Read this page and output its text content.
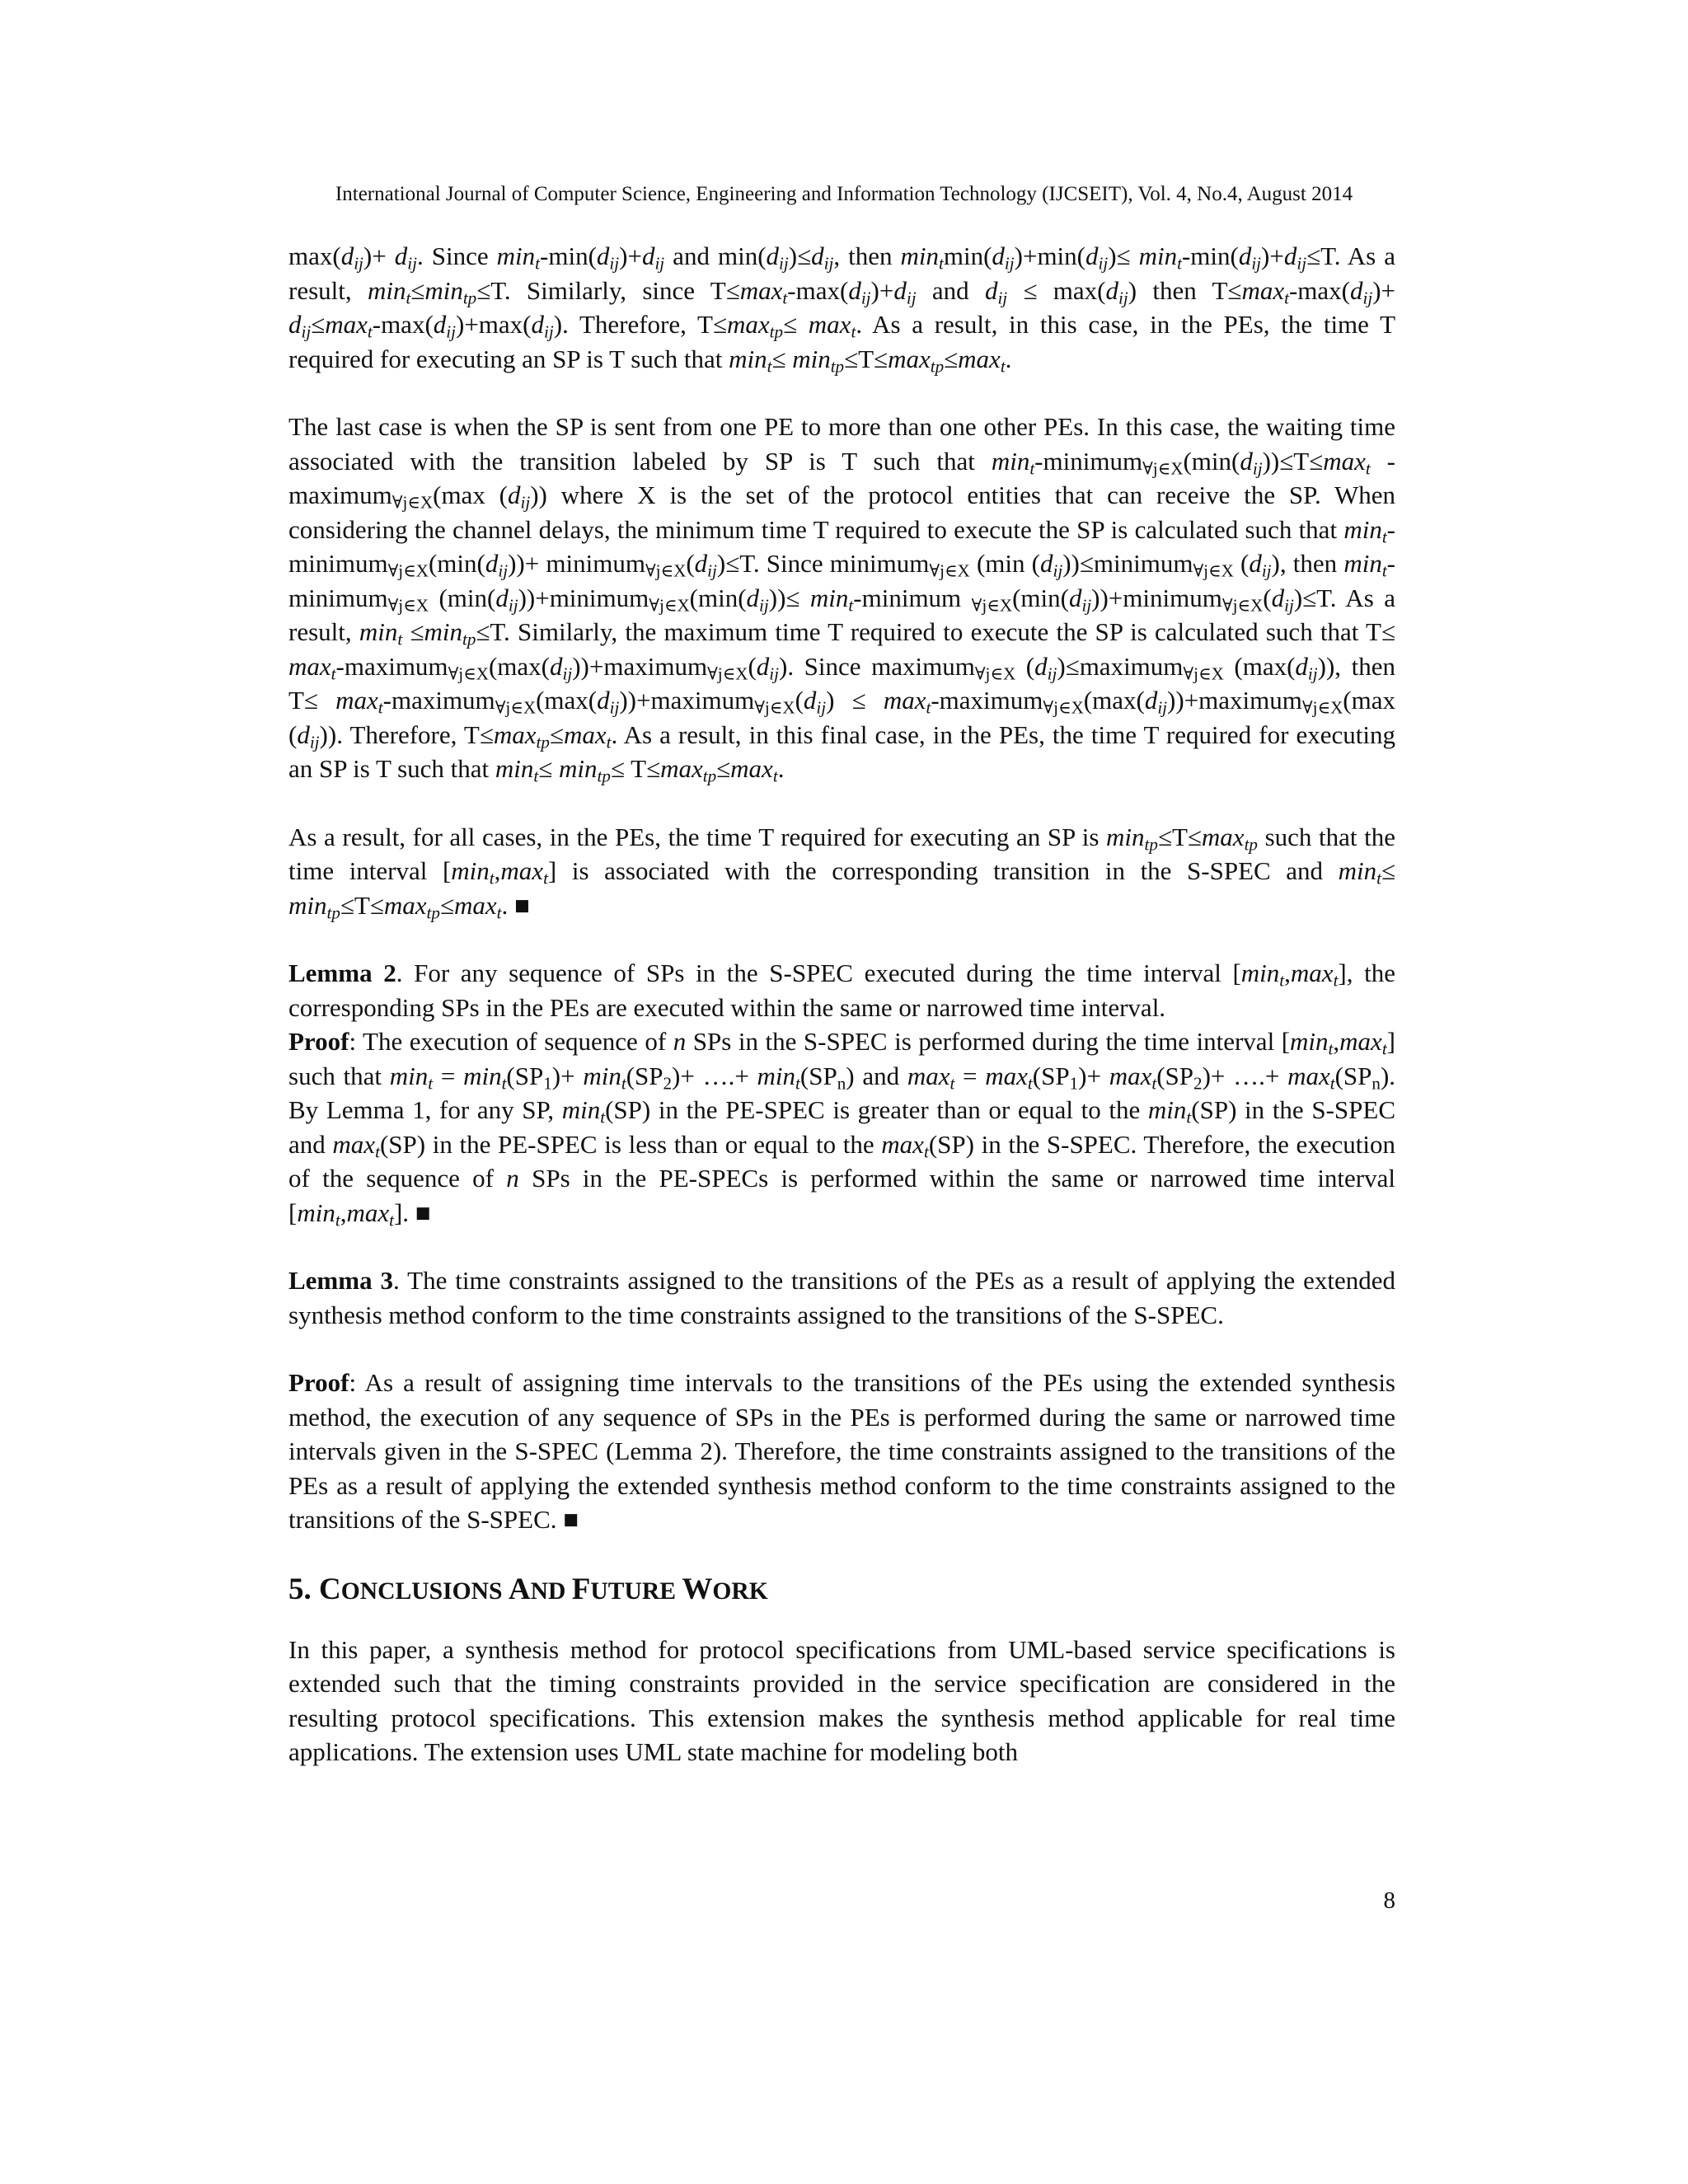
International Journal of Computer Science, Engineering and Information Technology (IJCSEIT), Vol. 4, No.4, August 2014

$\max(d_{ij})+ d_{ij}$. Since $\min_t-\min(d_{ij})+d_{ij}$ and $\min(d_{ij})\le d_{ij}$, then $\min_t\min(d_{ij})+\min(d_{ij})\le \min_t-\min(d_{ij})+d_{ij}\le T$. As a result, $\min_t\le\min_{tp}\le T$. Similarly, since $T\le\max_t-\max(d_{ij})+d_{ij}$ and $d_{ij} \le \max(d_{ij})$ then $T\le\max_t-\max(d_{ij})+ d_{ij}\le\max_t-\max(d_{ij})+\max(d_{ij})$. Therefore, $T\le\max_{tp}\le \max_t$. As a result, in this case, in the PEs, the time T required for executing an SP is T such that $\min_t\le \min_{tp}\le T\le\max_{tp}\le\max_t$.

The last case is when the SP is sent from one PE to more than one other PEs. In this case, the waiting time associated with the transition labeled by SP is T such that $\min_t-minimum_{\forall j\in X}(\min(d_{ij}))\le T\le\max_t$ - maximum$_{\forall j\in X}$(max $(d_{ij})$) where X is the set of the protocol entities that can receive the SP. When considering the channel delays, the minimum time T required to execute the SP is calculated such that $\min_t-minimum_{\forall j\in X}(\min(d_{ij}))+$ $minimum_{\forall j\in X}(d_{ij})\le T$. Since minimum$_{\forall j\in X}$ (min $(d_{ij}))\le minimum_{\forall j\in X}$ $(d_{ij})$, then $\min_t-minimum_{\forall j\in X}$ $(\min(d_{ij}))+minimum_{\forall j\in X}(\min(d_{ij}))\le$ $\min_t$-minimum $_{\forall j\in X}(\min(d_{ij}))+minimum_{\forall j\in X}(d_{ij})\le T$. As a result, $\min_t \le\min_{tp}\le T$. Similarly, the maximum time T required to execute the SP is calculated such that $T\le \max_t-maximum_{\forall j\in X}(\max(d_{ij}))+maximum_{\forall j\in X}(d_{ij})$. Since maximum$_{\forall j\in X}$ $(d_{ij})\le maximum_{\forall j\in X}$ $(\max(d_{ij}))$, then $T\le \max_t-maximum_{\forall j\in X}(\max(d_{ij}))+maximum_{\forall j\in X}(d_{ij})$ ≤ $\max_t-maximum_{\forall j\in X}(\max(d_{ij}))+maximum_{\forall j\in X}(\max$ $(d_{ij})$). Therefore, $T\le\max_{tp}\le\max_t$. As a result, in this final case, in the PEs, the time T required for executing an SP is T such that $\min_t\le \min_{tp}\le T\le\max_{tp}\le\max_t$.

As a result, for all cases, in the PEs, the time T required for executing an SP is $\min_{tp}\le T\le\max_{tp}$ such that the time interval $[\min_t,\max_t]$ is associated with the corresponding transition in the S-SPEC and $\min_t\le \min_{tp}\le T\le\max_{tp}\le\max_t$. ■

Lemma 2. For any sequence of SPs in the S-SPEC executed during the time interval $[\min_t,\max_t]$, the corresponding SPs in the PEs are executed within the same or narrowed time interval.

Proof: The execution of sequence of n SPs in the S-SPEC is performed during the time interval $[\min_t,\max_t]$ such that $\min_t = \min_t(SP_1)+ \min_t(SP_2)+$ ….+ $\min_t(SP_n)$ and $\max_t = \max_t(SP_1)+ \max_t(SP_2)+$ ….+ $\max_t(SP_n)$. By Lemma 1, for any SP, $\min_t(SP)$ in the PE-SPEC is greater than or equal to the $\min_t(SP)$ in the S-SPEC and $\max_t(SP)$ in the PE-SPEC is less than or equal to the $\max_t(SP)$ in the S-SPEC. Therefore, the execution of the sequence of n SPs in the PE-SPECs is performed within the same or narrowed time interval $[\min_t,\max_t]$. ■

Lemma 3. The time constraints assigned to the transitions of the PEs as a result of applying the extended synthesis method conform to the time constraints assigned to the transitions of the S-SPEC.

Proof: As a result of assigning time intervals to the transitions of the PEs using the extended synthesis method, the execution of any sequence of SPs in the PEs is performed during the same or narrowed time intervals given in the S-SPEC (Lemma 2). Therefore, the time constraints assigned to the transitions of the PEs as a result of applying the extended synthesis method conform to the time constraints assigned to the transitions of the S-SPEC. ■

5. CONCLUSIONS AND FUTURE WORK

In this paper, a synthesis method for protocol specifications from UML-based service specifications is extended such that the timing constraints provided in the service specification are considered in the resulting protocol specifications. This extension makes the synthesis method applicable for real time applications. The extension uses UML state machine for modeling both

8
